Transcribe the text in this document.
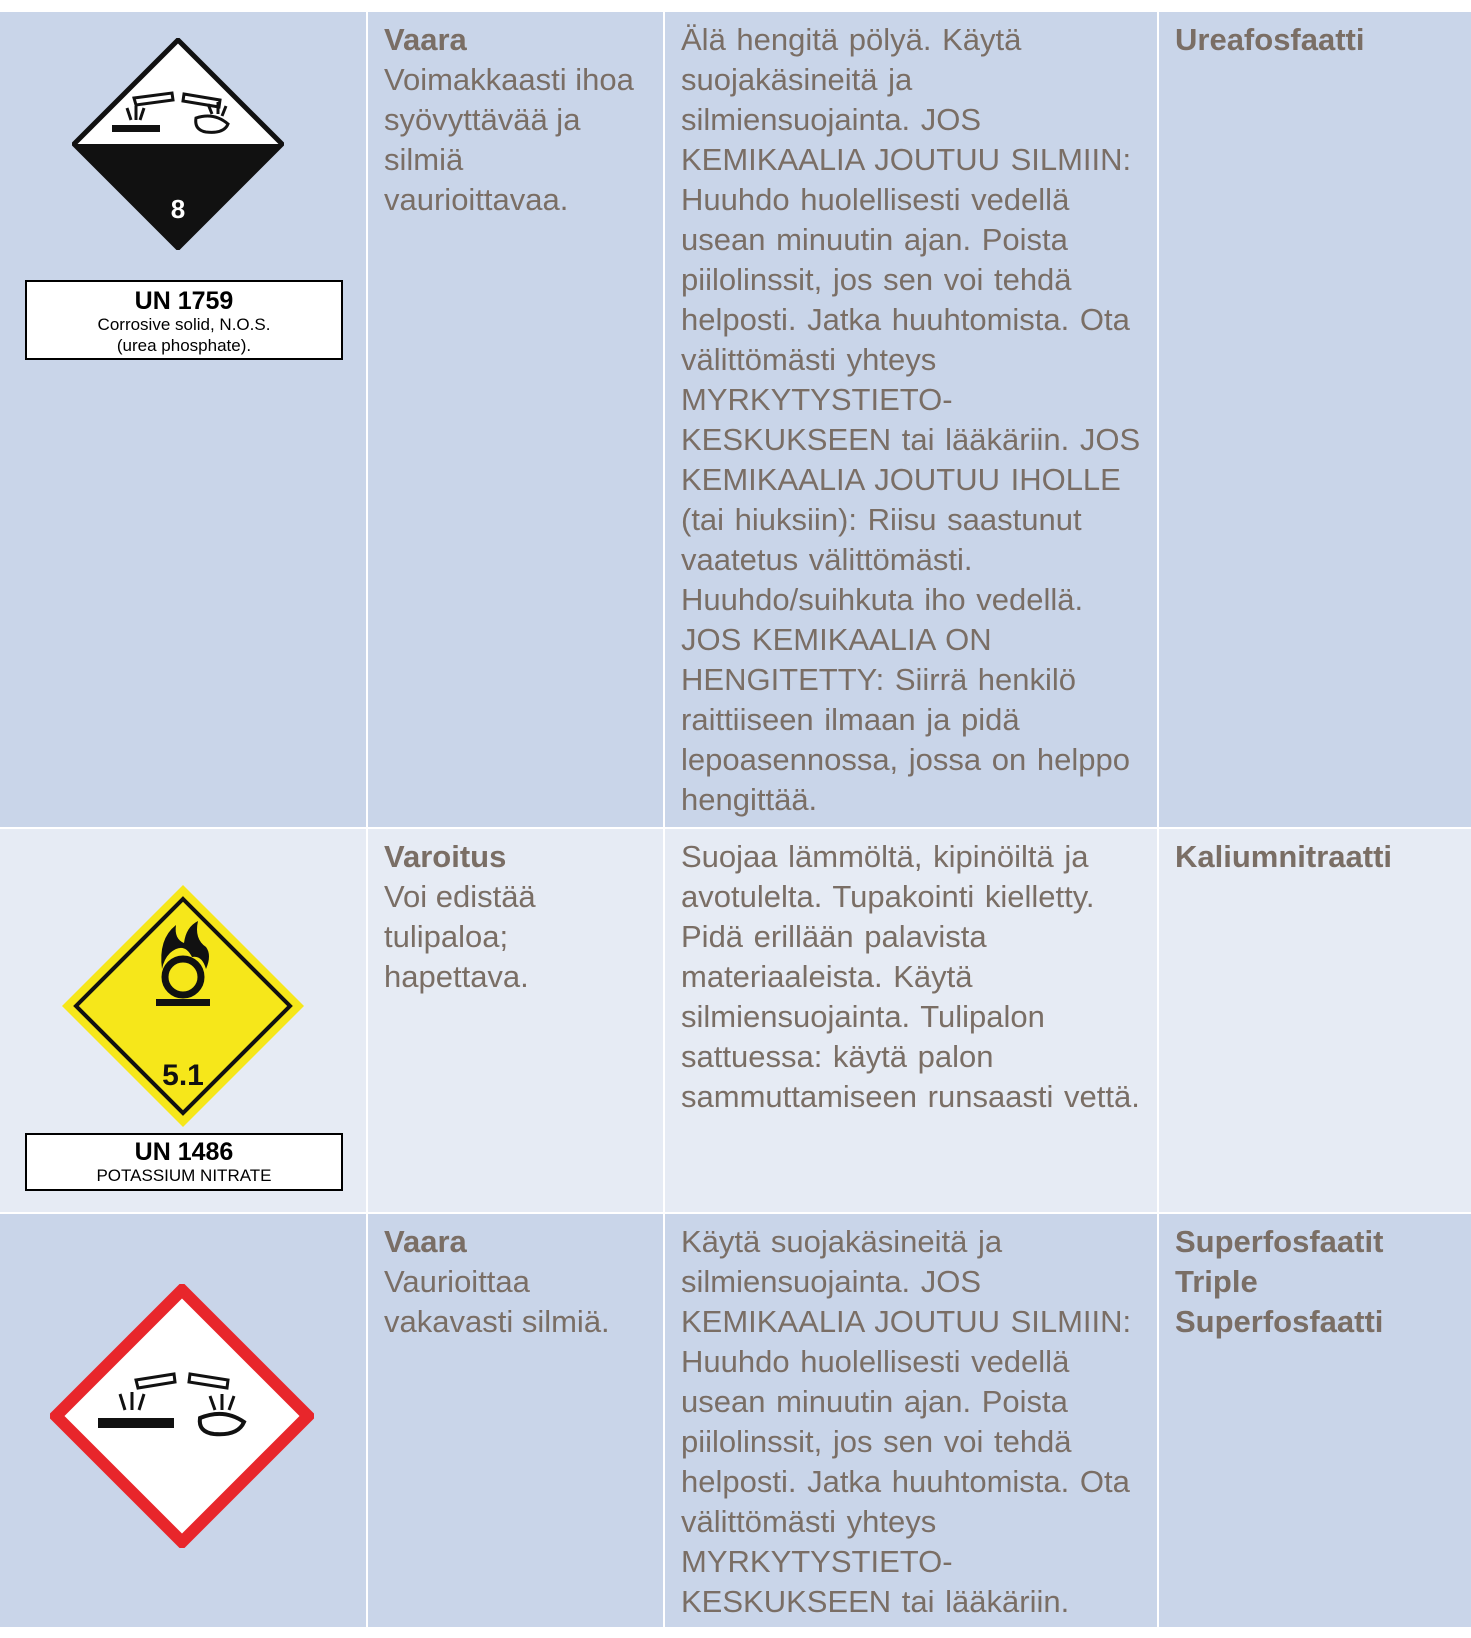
8
UN 1759
Corrosive solid, N.O.S.
(urea phosphate).
Vaara
Voimakkaasti ihoa syövyttävää ja silmiä vaurioittavaa.
Älä hengitä pölyä. Käytä suojakäsineitä ja silmiensuojainta. JOS KEMIKAALIA JOUTUU SILMIIN: Huuhdo huolellisesti vedellä usean minuutin ajan. Poista piilolinssit, jos sen voi tehdä helposti. Jatka huuhtomista. Ota välittömästi yhteys MYRKYTYSTIETO-KESKUKSEEN tai lääkäriin. JOS KEMIKAALIA JOUTUU IHOLLE (tai hiuksiin): Riisu saastunut vaatetus välittömästi. Huuhdo/suihkuta iho vedellä. JOS KEMIKAALIA ON HENGITETTY: Siirrä henkilö raittiiseen ilmaan ja pidä lepoasennossa, jossa on helppo hengittää.
Ureafosfaatti
5.1
UN 1486
POTASSIUM NITRATE
Varoitus
Voi edistää tulipaloa; hapettava.
Suojaa lämmöltä, kipinöiltä ja avotulelta. Tupakointi kielletty. Pidä erillään palavista materiaaleista. Käytä silmiensuojainta. Tulipalon sattuessa: käytä palon sammuttamiseen runsaasti vettä.
Kaliumnitraatti
Vaara
Vaurioittaa vakavasti silmiä.
Käytä suojakäsineitä ja silmiensuojainta. JOS KEMIKAALIA JOUTUU SILMIIN: Huuhdo huolellisesti vedellä usean minuutin ajan. Poista piilolinssit, jos sen voi tehdä helposti. Jatka huuhtomista. Ota välittömästi yhteys MYRKYTYSTIETO-KESKUKSEEN tai lääkäriin.
Superfosfaatit
Triple
Superfosfaatti
